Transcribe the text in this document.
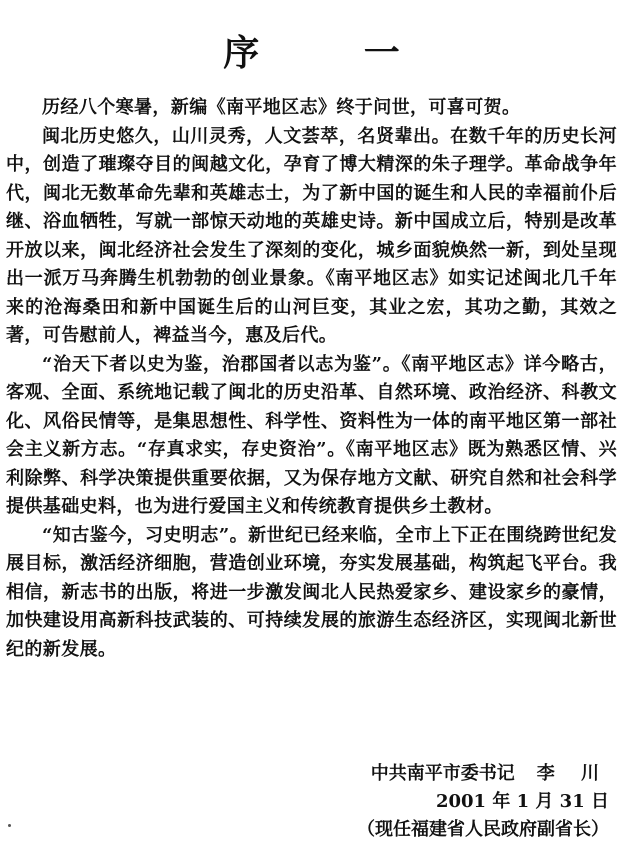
序 一

历经八个寒暑，新编《南平地区志》终于问世，可喜可贺。

闽北历史悠久，山川灵秀，人文荟萃，名贤辈出。在数千年的历史长河中，创造了璀璨夺目的闽越文化，孕育了博大精深的朱子理学。革命战争年代，闽北无数革命先辈和英雄志士，为了新中国的诞生和人民的幸福前仆后继、浴血牺牲，写就一部惊天动地的英雄史诗。新中国成立后，特别是改革开放以来，闽北经济社会发生了深刻的变化，城乡面貌焕然一新，到处呈现出一派万马奔腾生机勃勃的创业景象。《南平地区志》如实记述闽北几千年来的沧海桑田和新中国诞生后的山河巨变，其业之宏，其功之勤，其效之著，可告慰前人，裨益当今，惠及后代。

“治天下者以史为鉴，治郡国者以志为鉴”。《南平地区志》详今略古，客观、全面、系统地记载了闽北的历史沿革、自然环境、政治经济、科教文化、风俗民情等，是集思想性、科学性、资料性为一体的南平地区第一部社会主义新方志。“存真求实，存史资治”。《南平地区志》既为熟悉区情、兴利除弊、科学决策提供重要依据，又为保存地方文献、研究自然和社会科学提供基础史料，也为进行爱国主义和传统教育提供乡土教材。

“知古鉴今，习史明志”。新世纪已经来临，全市上下正在围绕跨世纪发展目标，激活经济细胞，营造创业环境，夯实发展基础，构筑起飞平台。我相信，新志书的出版，将进一步激发闽北人民热爱家乡、建设家乡的豪情，加快建设用高新科技武装的、可持续发展的旅游生态经济区，实现闽北新世纪的新发展。

中共南平市委书记 李 川
2001 年 1 月 31 日
（现任福建省人民政府副省长）
